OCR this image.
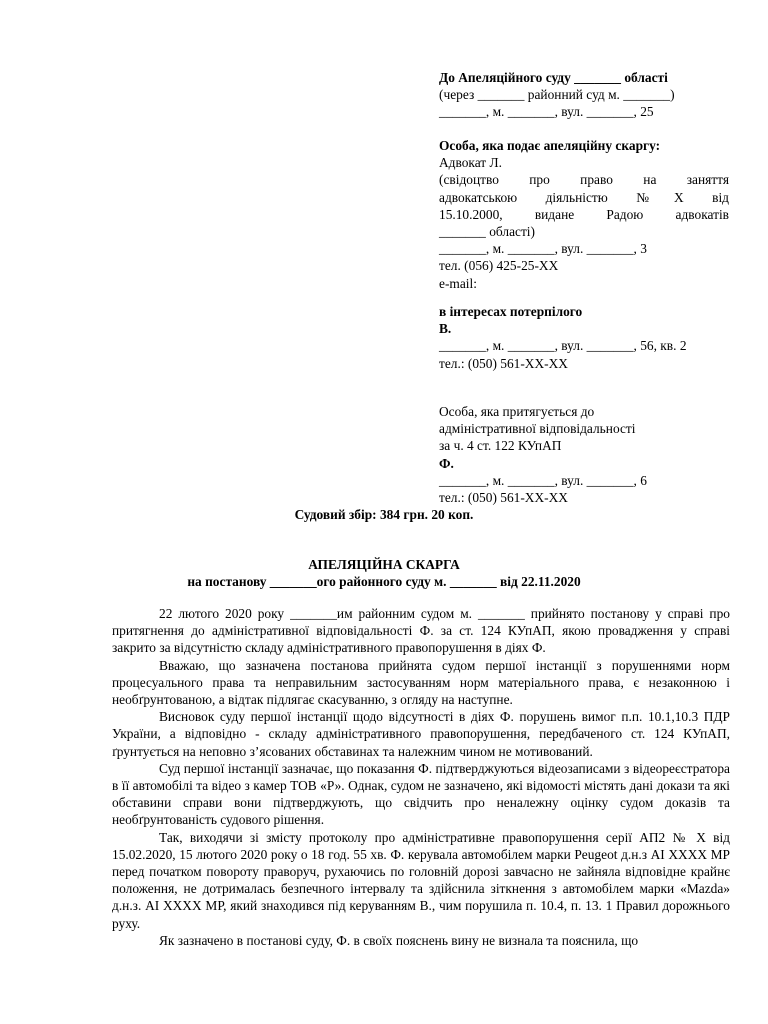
До Апеляційного суду _______ області
(через _______ районний суд м. _______)
_______, м. _______, вул. _______, 25
Особа, яка подає апеляційну скаргу:
Адвокат Л.
(свідоцтво про право на заняття
адвокатською діяльністю №Х від
15.10.2000, видане Радою адвокатів
_______ області)
_______, м. _______, вул. _______, 3
тел. (056) 425-25-ХХ
e-mail:
в інтересах потерпілого
В.
_______, м. _______, вул. _______, 56, кв. 2
тел.: (050) 561-ХХ-ХХ
Особа, яка притягується до
адміністративної відповідальності
за ч. 4 ст. 122 КУпАП
Ф.
_______, м. _______, вул. _______, 6
тел.: (050) 561-ХХ-ХХ
Судовий збір: 384 грн. 20 коп.
АПЕЛЯЦІЙНА СКАРГА
на постанову _______ого районного суду м. _______ від 22.11.2020

22 лютого 2020 року _______им районним судом м. _______ прийнято постанову у справі про притягнення до адміністративної відповідальності Ф. за ст. 124 КУпАП, якою провадження у справі закрито за відсутністю складу адміністративного правопорушення в діях Ф.

Вважаю, що зазначена постанова прийнята судом першої інстанції з порушеннями норм процесуального права та неправильним застосуванням норм матеріального права, є незаконною і необґрунтованою, а відтак підлягає скасуванню, з огляду на наступне.

Висновок суду першої інстанції щодо відсутності в діях Ф. порушень вимог п.п. 10.1,10.3 ПДР України, а відповідно - складу адміністративного правопорушення, передбаченого ст. 124 КУпАП, ґрунтується на неповно з’ясованих обставинах та належним чином не мотивований.

Суд першої інстанції зазначає, що показання Ф. підтверджуються відеозаписами з відеореєстратора в її автомобілі та відео з камер ТОВ «Р». Однак, судом не зазначено, які відомості містять дані докази та які обставини справи вони підтверджують, що свідчить про неналежну оцінку судом доказів та необґрунтованість судового рішення.

Так, виходячи зі змісту протоколу про адміністративне правопорушення серії АП2 № Х від 15.02.2020, 15 лютого 2020 року о 18 год. 55 хв. Ф. керувала автомобілем марки Peugeot д.н.з АІ ХХХХ МР перед початком повороту праворуч, рухаючись по головній дорозі завчасно не зайняла відповідне крайнє положення, не дотрималась безпечного інтервалу та здійснила зіткнення з автомобілем марки «Mazda» д.н.з. АІ ХХХХ МР, який знаходився під керуванням В., чим порушила п. 10.4, п. 13. 1 Правил дорожнього руху.

Як зазначено в постанові суду, Ф. в своїх пояснень вину не визнала та пояснила, що
